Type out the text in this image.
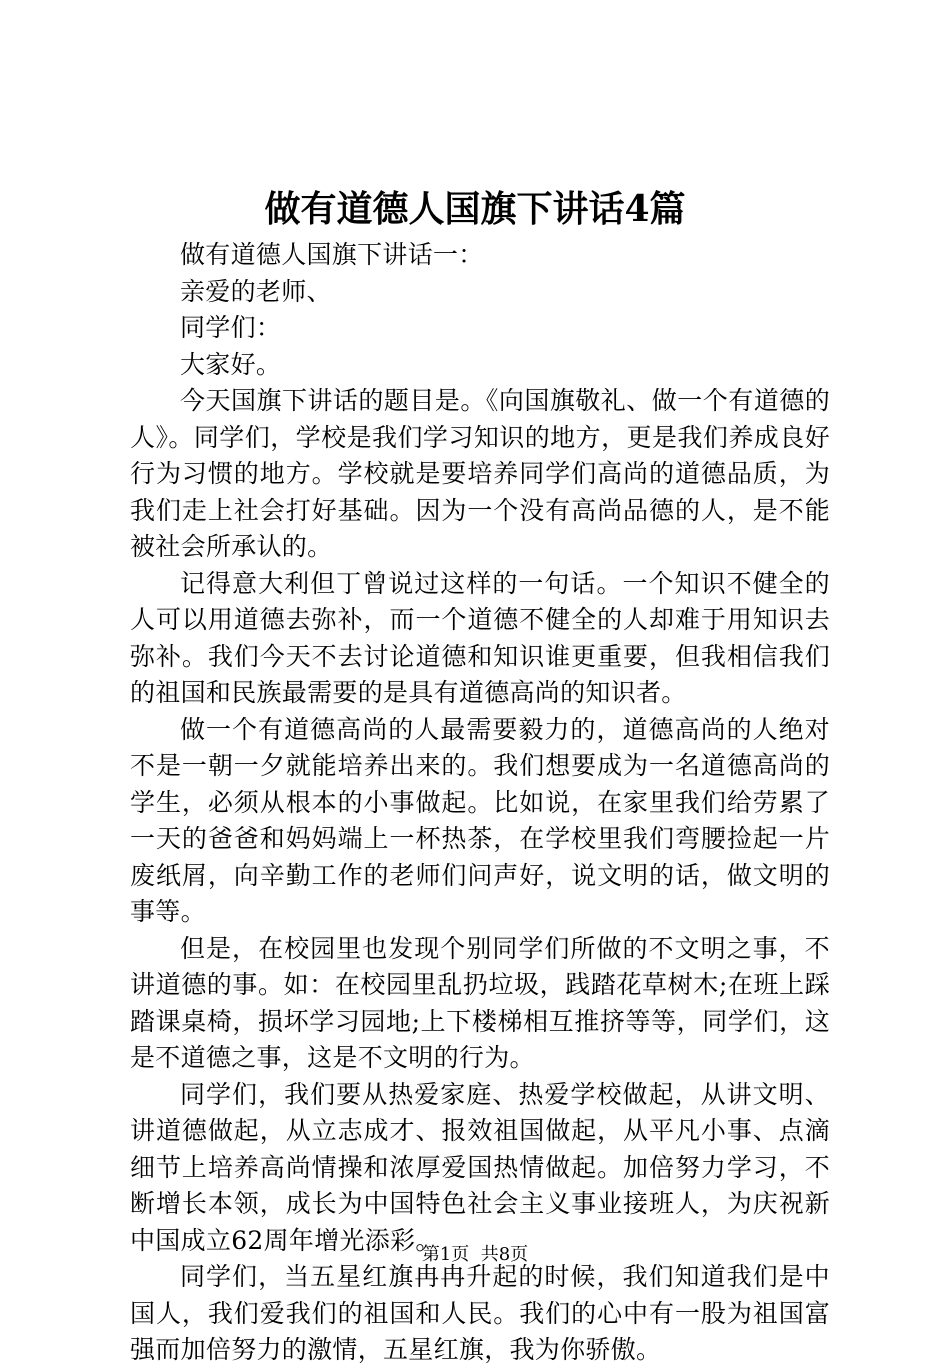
做有道德人国旗下讲话4篇

做有道德人国旗下讲话一：

亲爱的老师、

同学们：

大家好。

今天国旗下讲话的题目是。《向国旗敬礼、做一个有道德的人》。同学们，学校是我们学习知识的地方，更是我们养成良好行为习惯的地方。学校就是要培养同学们高尚的道德品质，为我们走上社会打好基础。因为一个没有高尚品德的人，是不能被社会所承认的。

记得意大利但丁曾说过这样的一句话。一个知识不健全的人可以用道德去弥补，而一个道德不健全的人却难于用知识去弥补。我们今天不去讨论道德和知识谁更重要，但我相信我们的祖国和民族最需要的是具有道德高尚的知识者。

做一个有道德高尚的人最需要毅力的，道德高尚的人绝对不是一朝一夕就能培养出来的。我们想要成为一名道德高尚的学生，必须从根本的小事做起。比如说，在家里我们给劳累了一天的爸爸和妈妈端上一杯热茶，在学校里我们弯腰捡起一片废纸屑，向辛勤工作的老师们问声好，说文明的话，做文明的事等。

但是，在校园里也发现个别同学们所做的不文明之事，不讲道德的事。如：在校园里乱扔垃圾，践踏花草树木;在班上踩踏课桌椅，损坏学习园地;上下楼梯相互推挤等等，同学们，这是不道德之事，这是不文明的行为。

同学们，我们要从热爱家庭、热爱学校做起，从讲文明、讲道德做起，从立志成才、报效祖国做起，从平凡小事、点滴细节上培养高尚情操和浓厚爱国热情做起。加倍努力学习，不断增长本领，成长为中国特色社会主义事业接班人，为庆祝新中国成立62周年增光添彩。

同学们，当五星红旗冉冉升起的时候，我们知道我们是中国人，我们爱我们的祖国和人民。我们的心中有一股为祖国富强而加倍努力的激情，五星红旗，我为你骄傲。

第1页 共8页
